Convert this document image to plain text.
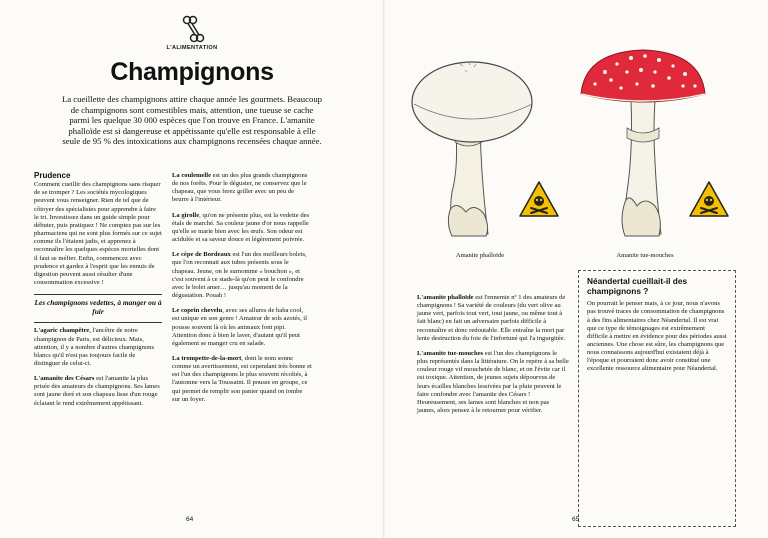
L'ALIMENTATION
Champignons
La cueillette des champignons attire chaque année les gourmets. Beaucoup de champignons sont comestibles mais, attention, une tueuse se cache parmi les quelque 30 000 espèces que l'on trouve en France. L'amanite phalloïde est si dangereuse et appétissante qu'elle est responsable à elle seule de 95 % des intoxications aux champignons recensées chaque année.
Prudence

Comment cueillir des champignons sans risquer de se tromper ? Les sociétés mycologiques peuvent vous renseigner. Rien de tel que de côtoyer des spécialistes pour apprendre à faire le tri. Investissez dans un guide simple pour débuter, puis pratiquez ! Ne comptez pas sur les pharmaciens qui ne sont plus formés sur ce sujet comme ils l'étaient jadis, et apprenez à reconnaître les quelques espèces mortelles dont il faut se méfier. Enfin, commencez avec prudence et gardez à l'esprit que les ennuis de digestion peuvent aussi résulter d'une consommation excessive !

Les champignons vedettes, à manger ou à fuir

L'agaric champêtre, l'ancêtre de notre champignon de Paris, est délicieux. Mais, attention, il y a nombre d'autres champignons blancs qu'il n'est pas toujours facile de distinguer de celui-ci.

L'amanite des Césars est l'amanite la plus prisée des amateurs de champignons. Ses lames sont jaune doré et son chapeau lisse d'un rouge éclatant le rend extrêmement appétissant.

La coulemelle est un des plus grands champignons de nos forêts. Pour le déguster, ne conservez que le chapeau, que vous ferez griller avec un peu de beurre à l'intérieur.

La girolle, qu'on ne présente plus, est la vedette des étals de marché. Sa couleur jaune d'or nous rappelle qu'elle se marie bien avec les œufs. Son odeur est acidulée et sa saveur douce et légèrement poivrée.

Le cèpe de Bordeaux est l'un des meilleurs bolets, que l'on reconnait aux tubes présents sous le chapeau. Jeune, on le surnomme « bouchon », et c'est souvent à ce stade-là qu'on peut le confondre avec le bolet amer… jusqu'au moment de la dégustation. Pouah !

Le coprin chevelu, avec ses allures de baba cool, est unique en son genre ! Amateur de sols azotés, il pousse souvent là où les animaux font pipi. Attention donc à bien le laver, d'autant qu'il peut également se manger cru en salade.

La trompette-de-la-mort, dont le nom sonne comme un avertissement, est cependant très bonne et est l'un des champignons le plus souvent récoltés, à l'automne vers la Toussaint. Il pousse en groupe, ce qui permet de remplir son panier quand on tombe sur un foyer.

64
Amanite phalloïde	Amanite tue-mouches

L'amanite phalloïde est l'ennemie nº 1 des amateurs de champignons ! Sa variété de couleurs (du vert olive au jaune vert, parfois tout vert, tout jaune, ou même tout à fait blanc) en fait un adversaire parfois difficile à reconnaître et donc redoutable. Elle entraîne la mort par lente destruction du foie de l'infortuné qui l'a ingurgitée.

L'amanite tue-mouches est l'un des champignons le plus représentés dans la littérature. On le repère à sa belle couleur rouge vif mouchetée de blanc, et on l'évite car il est toxique. Attention, de jeunes sujets dépourvus de leurs écailles blanches lessivées par la pluie peuvent le faire confondre avec l'amanite des Césars ! Heureusement, ses lames sont blanches et non pas jaunes, alors pensez à le retourner pour vérifier.

Néandertal cueillait-il des champignons ?

On pourrait le penser mais, à ce jour, nous n'avons pas trouvé traces de consommation de champignons à des fins alimentaires chez Néandertal. Il est vrai que ce type de témoignages est extrêmement difficile à mettre en évidence pour des périodes aussi anciennes. Une chose est sûre, les champignons que nous connaissons aujourd'hui existaient déjà à l'époque et pourraient donc avoir constitué une excellente ressource alimentaire pour Néandertal.

65
